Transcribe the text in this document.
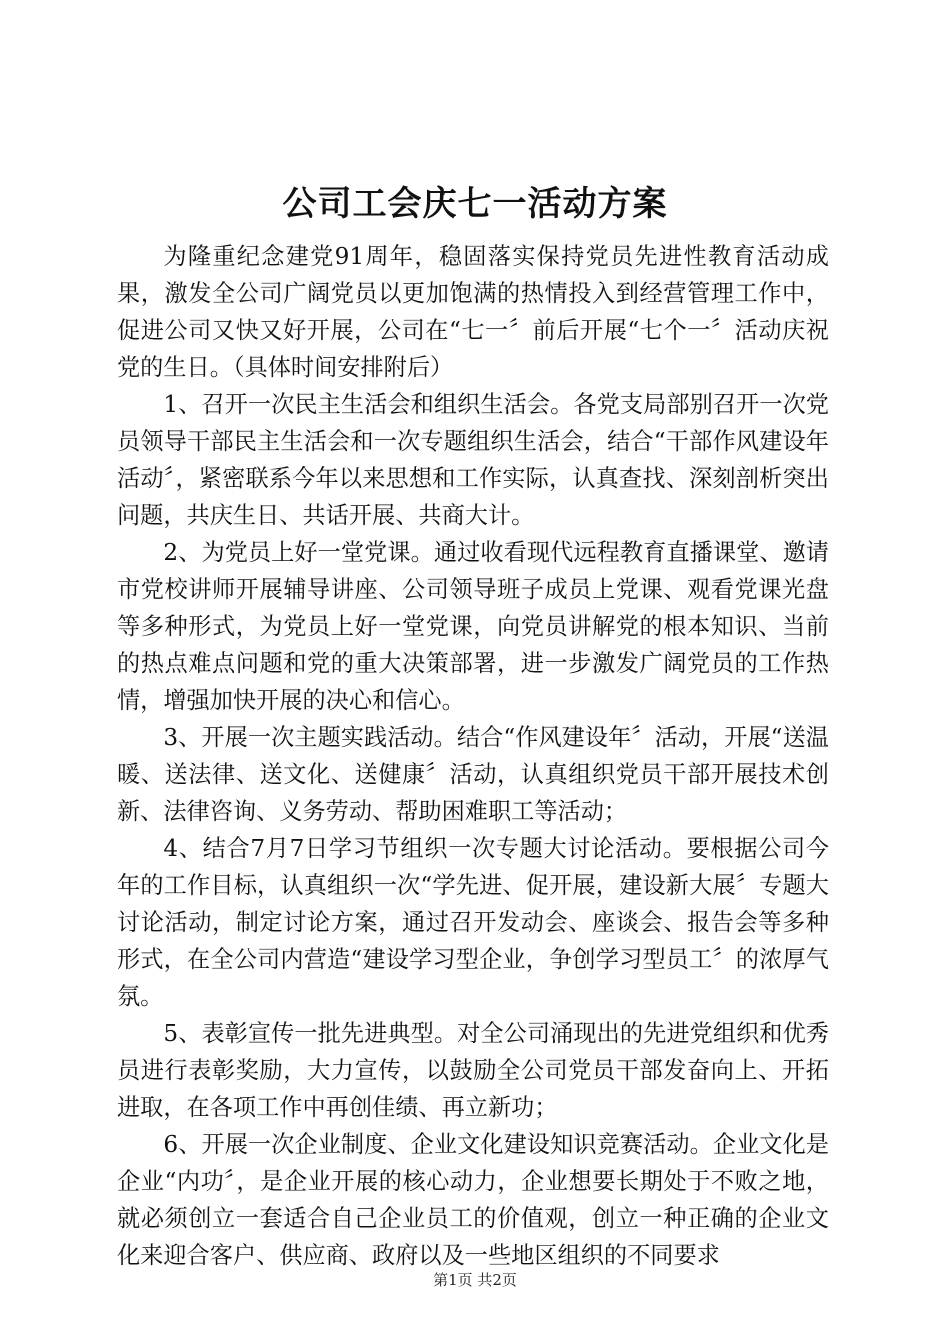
公司工会庆七一活动方案

为隆重纪念建党91周年，稳固落实保持党员先进性教育活动成果，激发全公司广阔党员以更加饱满的热情投入到经营管理工作中，促进公司又快又好开展，公司在“七一〞前后开展“七个一〞活动庆祝党的生日。（具体时间安排附后）

1、召开一次民主生活会和组织生活会。各党支局部别召开一次党员领导干部民主生活会和一次专题组织生活会，结合“干部作风建设年活动〞，紧密联系今年以来思想和工作实际，认真查找、深刻剖析突出问题，共庆生日、共话开展、共商大计。

2、为党员上好一堂党课。通过收看现代远程教育直播课堂、邀请市党校讲师开展辅导讲座、公司领导班子成员上党课、观看党课光盘等多种形式，为党员上好一堂党课，向党员讲解党的根本知识、当前的热点难点问题和党的重大决策部署，进一步激发广阔党员的工作热情，增强加快开展的决心和信心。

3、开展一次主题实践活动。结合“作风建设年〞活动，开展“送温暖、送法律、送文化、送健康〞活动，认真组织党员干部开展技术创新、法律咨询、义务劳动、帮助困难职工等活动；

4、结合7月7日学习节组织一次专题大讨论活动。要根据公司今年的工作目标，认真组织一次“学先进、促开展，建设新大展〞专题大讨论活动，制定讨论方案，通过召开发动会、座谈会、报告会等多种形式，在全公司内营造“建设学习型企业，争创学习型员工〞的浓厚气氛。

5、表彰宣传一批先进典型。对全公司涌现出的先进党组织和优秀员进行表彰奖励，大力宣传，以鼓励全公司党员干部发奋向上、开拓进取，在各项工作中再创佳绩、再立新功；

6、开展一次企业制度、企业文化建设知识竞赛活动。企业文化是企业“内功〞，是企业开展的核心动力，企业想要长期处于不败之地，就必须创立一套适合自己企业员工的价值观，创立一种正确的企业文化来迎合客户、供应商、政府以及一些地区组织的不同要求

第1页 共2页
